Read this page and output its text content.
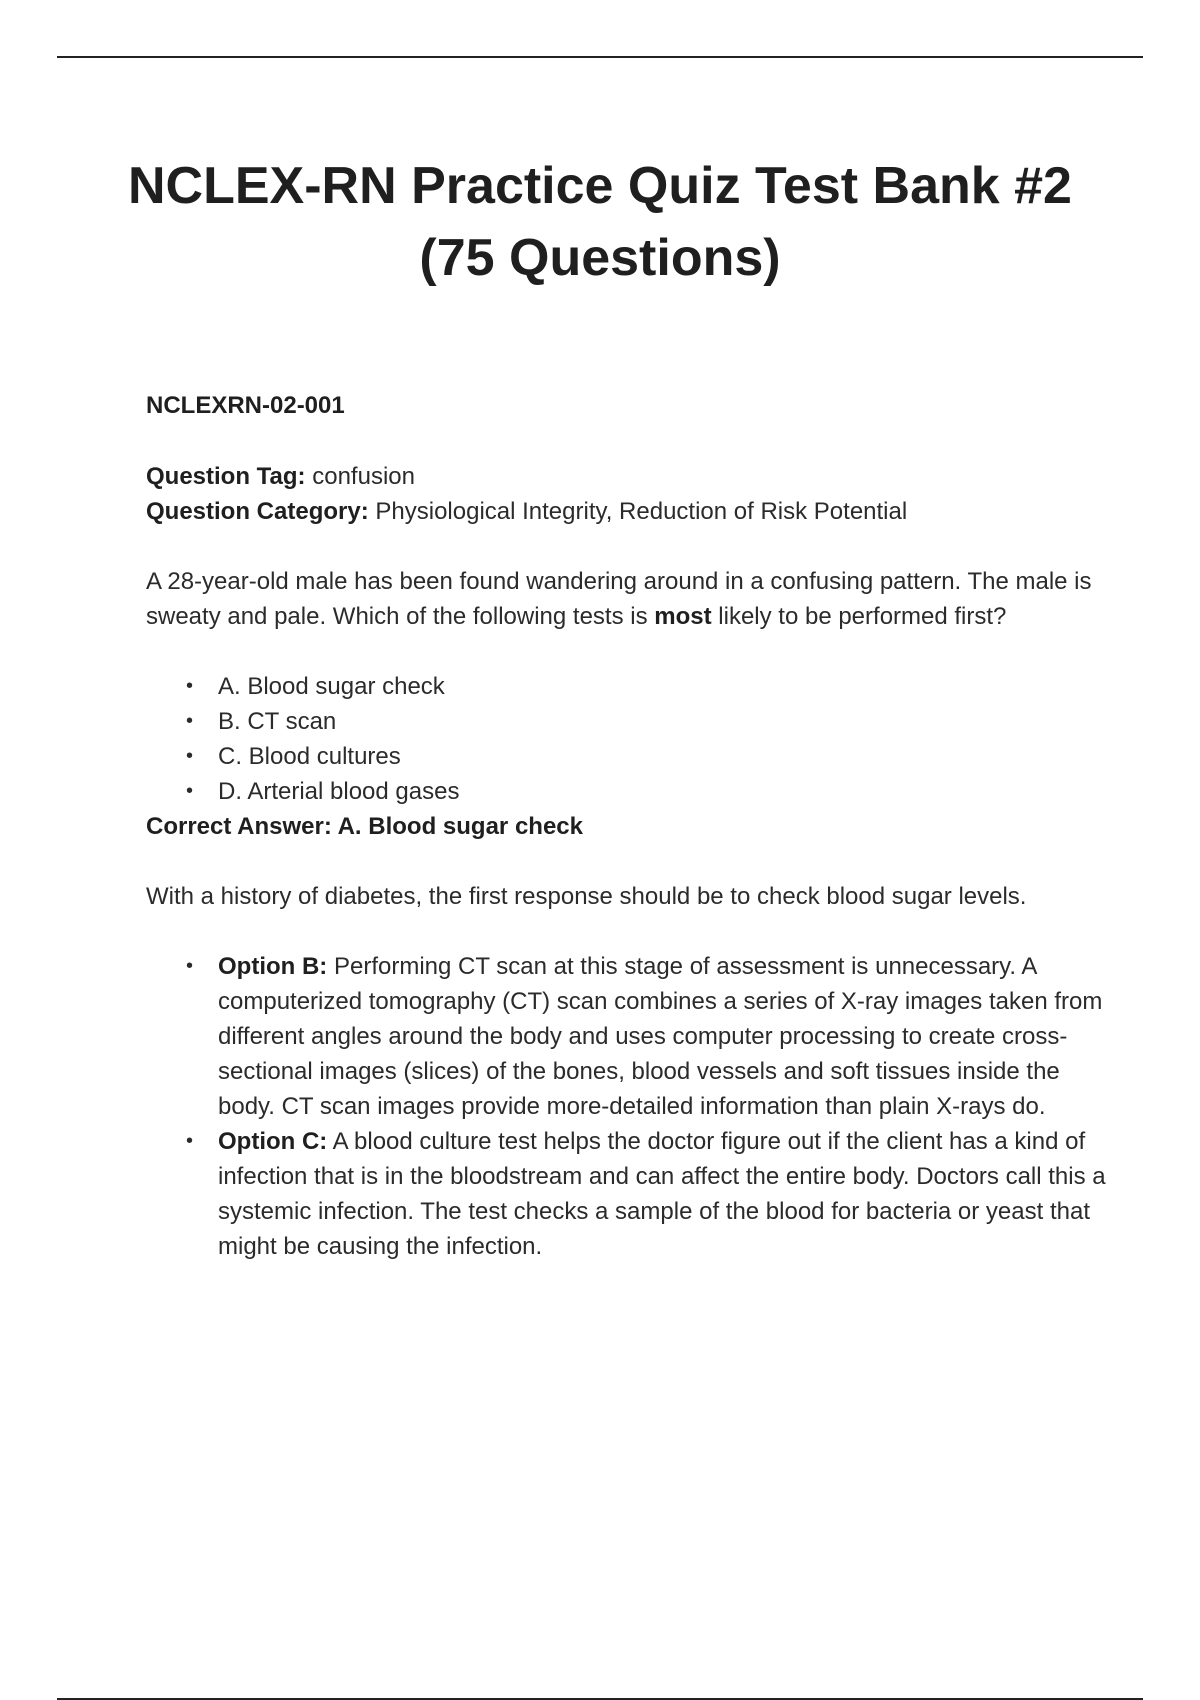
NCLEX-RN Practice Quiz Test Bank #2 (75 Questions)

NCLEXRN-02-001

Question Tag: confusion

Question Category: Physiological Integrity, Reduction of Risk Potential

A 28-year-old male has been found wandering around in a confusing pattern. The male is sweaty and pale. Which of the following tests is most likely to be performed first?

• A. Blood sugar check
• B. CT scan
• C. Blood cultures
• D. Arterial blood gases

Correct Answer: A. Blood sugar check

With a history of diabetes, the first response should be to check blood sugar levels.

• Option B: Performing CT scan at this stage of assessment is unnecessary. A computerized tomography (CT) scan combines a series of X-ray images taken from different angles around the body and uses computer processing to create cross-sectional images (slices) of the bones, blood vessels and soft tissues inside the body. CT scan images provide more-detailed information than plain X-rays do.
• Option C: A blood culture test helps the doctor figure out if the client has a kind of infection that is in the bloodstream and can affect the entire body. Doctors call this a systemic infection. The test checks a sample of the blood for bacteria or yeast that might be causing the infection.
